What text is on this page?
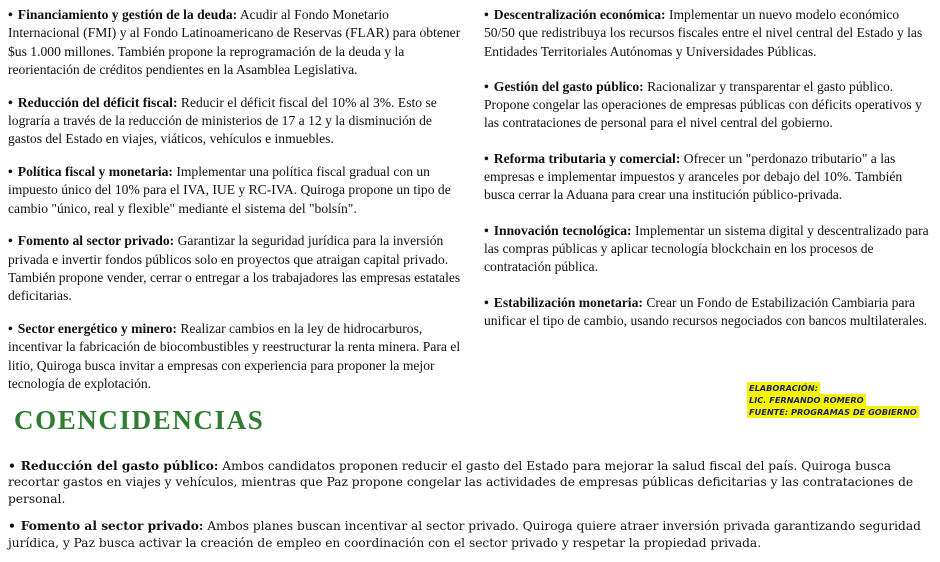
• Financiamiento y gestión de la deuda: Acudir al Fondo Monetario Internacional (FMI) y al Fondo Latinoamericano de Reservas (FLAR) para obtener $us 1.000 millones. También propone la reprogramación de la deuda y la reorientación de créditos pendientes en la Asamblea Legislativa.

• Reducción del déficit fiscal: Reducir el déficit fiscal del 10% al 3%. Esto se lograría a través de la reducción de ministerios de 17 a 12 y la disminución de gastos del Estado en viajes, viáticos, vehículos e inmuebles.

• Política fiscal y monetaria: Implementar una política fiscal gradual con un impuesto único del 10% para el IVA, IUE y RC-IVA. Quiroga propone un tipo de cambio "único, real y flexible" mediante el sistema del "bolsín".

• Fomento al sector privado: Garantizar la seguridad jurídica para la inversión privada e invertir fondos públicos solo en proyectos que atraigan capital privado. También propone vender, cerrar o entregar a los trabajadores las empresas estatales deficitarias.

• Sector energético y minero: Realizar cambios en la ley de hidrocarburos, incentivar la fabricación de biocombustibles y reestructurar la renta minera. Para el litio, Quiroga busca invitar a empresas con experiencia para proponer la mejor tecnología de explotación.

• Descentralización económica: Implementar un nuevo modelo económico 50/50 que redistribuya los recursos fiscales entre el nivel central del Estado y las Entidades Territoriales Autónomas y Universidades Públicas.

• Gestión del gasto público: Racionalizar y transparentar el gasto público. Propone congelar las operaciones de empresas públicas con déficits operativos y las contrataciones de personal para el nivel central del gobierno.

• Reforma tributaria y comercial: Ofrecer un "perdonazo tributario" a las empresas e implementar impuestos y aranceles por debajo del 10%. También busca cerrar la Aduana para crear una institución público-privada.

• Innovación tecnológica: Implementar un sistema digital y descentralizado para las compras públicas y aplicar tecnología blockchain en los procesos de contratación pública.

• Estabilización monetaria: Crear un Fondo de Estabilización Cambiaria para unificar el tipo de cambio, usando recursos negociados con bancos multilaterales.

ELABORACIÓN:
LIC. FERNANDO ROMERO
FUENTE: PROGRAMAS DE GOBIERNO
COENCIDENCIAS

• Reducción del gasto público: Ambos candidatos proponen reducir el gasto del Estado para mejorar la salud fiscal del país. Quiroga busca recortar gastos en viajes y vehículos, mientras que Paz propone congelar las actividades de empresas públicas deficitarias y las contrataciones de personal.

• Fomento al sector privado: Ambos planes buscan incentivar al sector privado. Quiroga quiere atraer inversión privada garantizando seguridad jurídica, y Paz busca activar la creación de empleo en coordinación con el sector privado y respetar la propiedad privada.
